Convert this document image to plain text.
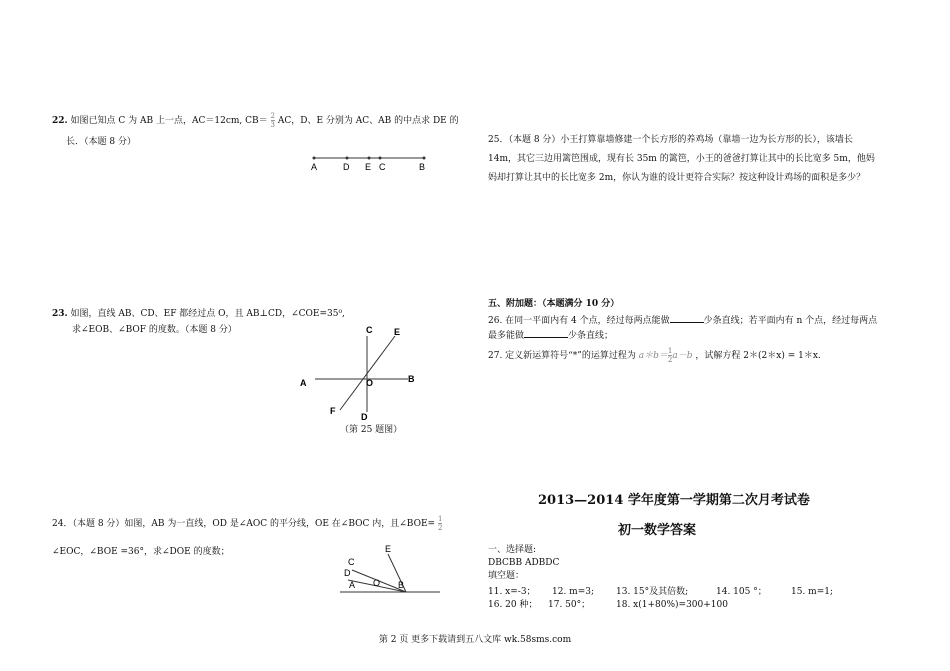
22. 如图已知点 C 为 AB 上一点，AC＝12cm, $CB= \frac{2}{3}$ AC，D、E 分别为 AC、AB 的中点求 DE 的
长．（本题 8 分）
A	D E C	B
23. 如图，直线 AB、CD、EF 都经过点 O，且 AB⊥CD，∠COE=35⁰,
求∠EOB、∠BOF 的度数。（本题 8 分）	C E
A	O	B
F
D
（第 25 题图）
24．（本题 8 分）如图，AB 为一直线，OD 是∠AOC 的平分线，OE 在∠BOC 内，且∠BOE= $\frac{1}{2}$
∠EOC，∠BOE =36°，求∠DOE 的度数；	E
C
D
A O B
25．（本题 8 分）小王打算靠墙修建一个长方形的养鸡场（靠墙一边为长方形的长），该墙长
14m，其它三边用篱笆围成，现有长 35m 的篱笆，小王的爸爸打算让其中的长比宽多 5m，他妈
妈却打算让其中的长比宽多 2m，你认为谁的设计更符合实际？按这种设计鸡场的面积是多少？
五、附加题：（本题满分 10 分）
26. 在同一平面内有 4 个点，经过每两点能做	少条直线；若平面内有 n 个点，经过每两点
最多能做	少条直线；
27. 定义新运算符号“*”的运算过程为 $a*b=\frac{1}{2}a-b$ ，试解方程 2＊(2＊x) = 1＊x.
2013—2014 学年度第一学期第二次月考试卷
初一数学答案
一、选择题:
DBCBB ADBDC
填空题：
11. x=-3； 12. m=3; 13. 15°及其倍数;	14. 105 °；	15. m=1;
16. 20 种； 17. 50°；	18. x(1+80%)=300+100
第 2 页 更多下载请到五八文库 wk.58sms.com
